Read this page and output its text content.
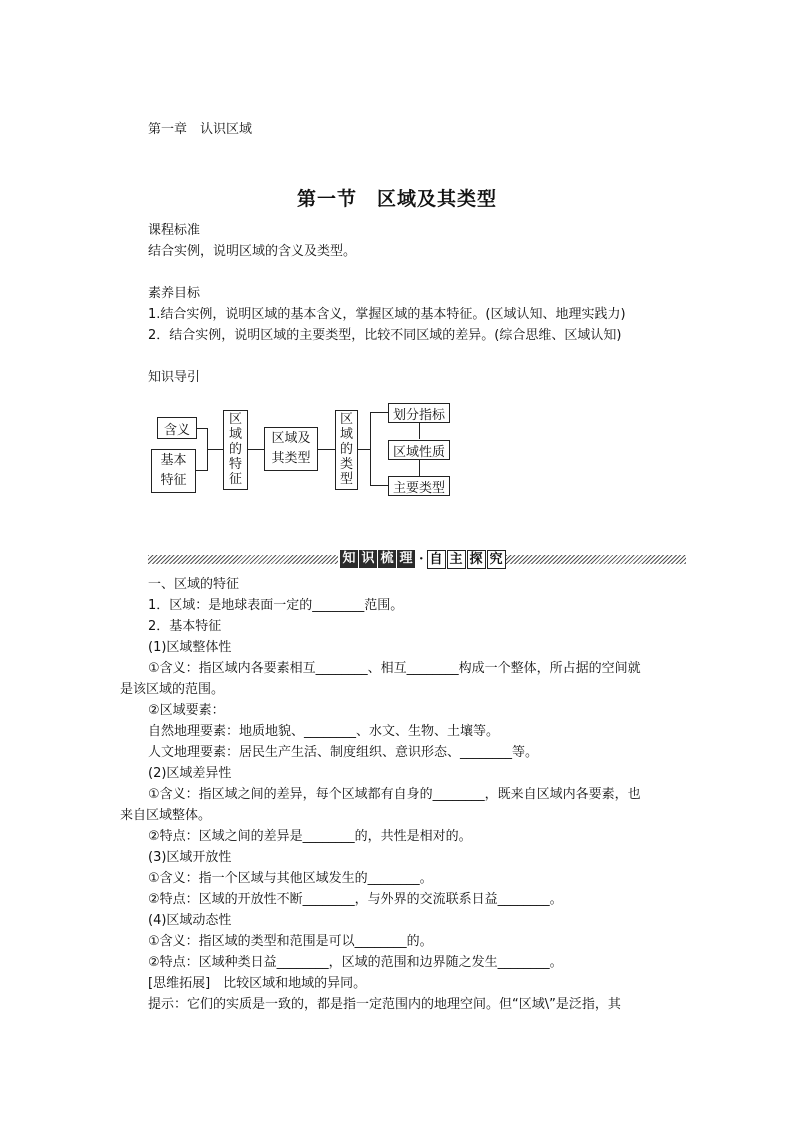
第一章　认识区域
第一节　区域及其类型
课程标准
结合实例，说明区域的含义及类型。
素养目标
1.结合实例，说明区域的基本含义，掌握区域的基本特征。(区域认知、地理实践力)
2．结合实例，说明区域的主要类型，比较不同区域的差异。(综合思维、区域认知)
知识导引
含义
基本
特征
区
域
的
特
征
区域及
其类型
区
域
的
类
型
划分指标
区域性质
主要类型
知 识 梳 理 · 自 主 探 究
一、区域的特征
1．区域：是地球表面一定的________范围。
2．基本特征
(1)区域整体性
①含义：指区域内各要素相互________、相互________构成一个整体，所占据的空间就
是该区域的范围。
②区域要素：
自然地理要素：地质地貌、________、水文、生物、土壤等。
人文地理要素：居民生产生活、制度组织、意识形态、________等。
(2)区域差异性
①含义：指区域之间的差异，每个区域都有自身的________，既来自区域内各要素，也
来自区域整体。
②特点：区域之间的差异是________的，共性是相对的。
(3)区域开放性
①含义：指一个区域与其他区域发生的________。
②特点：区域的开放性不断________，与外界的交流联系日益________。
(4)区域动态性
①含义：指区域的类型和范围是可以________的。
②特点：区域种类日益________，区域的范围和边界随之发生________。
[思维拓展]　比较区域和地域的异同。
提示：它们的实质是一致的，都是指一定范围内的地理空间。但“区域\”是泛指，其
